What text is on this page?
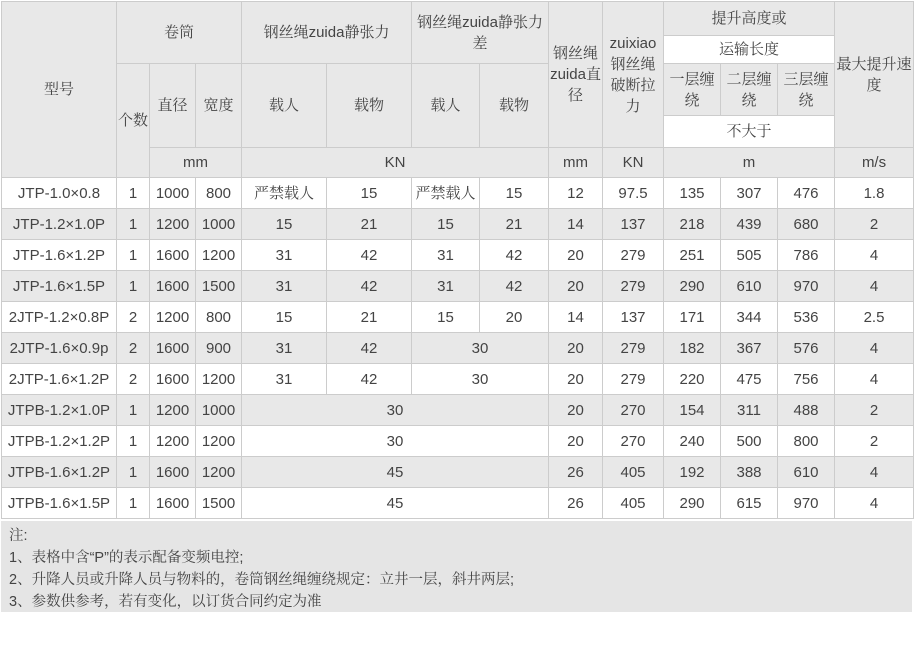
型号	卷筒			钢丝绳zuida静张力		钢丝绳zuida静张力差		钢丝绳zuida直径	zuixiao钢丝绳破断拉力	提升高度或			最大提升速度
										运输长度			
	个数	直径	宽度	载人	载物	载人	载物			一层缠绕	二层缠绕	三层缠绕	
										不大于			
		mm		KN				mm	KN	m			m/s
JTP-1.0×0.8	1	1000	800	严禁载人	15	严禁载人	15	12	97.5	135	307	476	1.8
JTP-1.2×1.0P	1	1200	1000	15	21	15	21	14	137	218	439	680	2
JTP-1.6×1.2P	1	1600	1200	31	42	31	42	20	279	251	505	786	4
JTP-1.6×1.5P	1	1600	1500	31	42	31	42	20	279	290	610	970	4
2JTP-1.2×0.8P	2	1200	800	15	21	15	20	14	137	171	344	536	2.5
2JTP-1.6×0.9p	2	1600	900	31	42	30		20	279	182	367	576	4
2JTP-1.6×1.2P	2	1600	1200	31	42	30		20	279	220	475	756	4
JTPB-1.2×1.0P	1	1200	1000	30				20	270	154	311	488	2
JTPB-1.2×1.2P	1	1200	1200	30				20	270	240	500	800	2
JTPB-1.6×1.2P	1	1600	1200	45				26	405	192	388	610	4
JTPB-1.6×1.5P	1	1600	1500	45				26	405	290	615	970	4
注:
1、表格中含“P”的表示配备变频电控;
2、升降人员或升降人员与物料的，卷筒钢丝绳缠绕规定：立井一层，斜井两层;
3、参数供参考，若有变化，以订货合同约定为准
